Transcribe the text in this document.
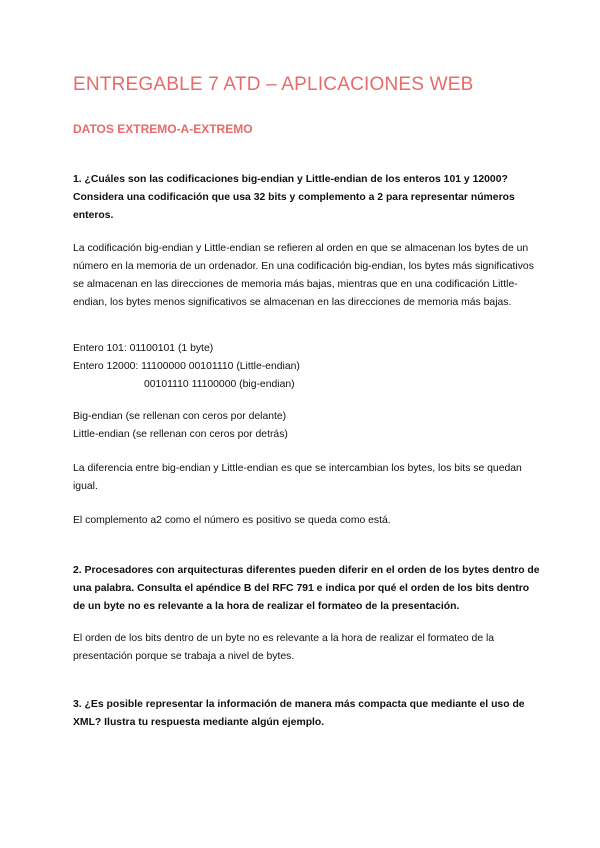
ENTREGABLE 7 ATD – APLICACIONES WEB
DATOS EXTREMO-A-EXTREMO

1. ¿Cuáles son las codificaciones big-endian y Little-endian de los enteros 101 y 12000? Considera una codificación que usa 32 bits y complemento a 2 para representar números enteros.

La codificación big-endian y Little-endian se refieren al orden en que se almacenan los bytes de un número en la memoria de un ordenador. En una codificación big-endian, los bytes más significativos se almacenan en las direcciones de memoria más bajas, mientras que en una codificación Little-endian, los bytes menos significativos se almacenan en las direcciones de memoria más bajas.

Entero 101: 01100101 (1 byte)

Entero 12000: 11100000 00101110 (Little-endian)

00101110 11100000 (big-endian)

Big-endian (se rellenan con ceros por delante)

Little-endian (se rellenan con ceros por detrás)

La diferencia entre big-endian y Little-endian es que se intercambian los bytes, los bits se quedan igual.

El complemento a2 como el número es positivo se queda como está.

2. Procesadores con arquitecturas diferentes pueden diferir en el orden de los bytes dentro de una palabra. Consulta el apéndice B del RFC 791 e indica por qué el orden de los bits dentro de un byte no es relevante a la hora de realizar el formateo de la presentación.

El orden de los bits dentro de un byte no es relevante a la hora de realizar el formateo de la presentación porque se trabaja a nivel de bytes.

3. ¿Es posible representar la información de manera más compacta que mediante el uso de XML? Ilustra tu respuesta mediante algún ejemplo.
